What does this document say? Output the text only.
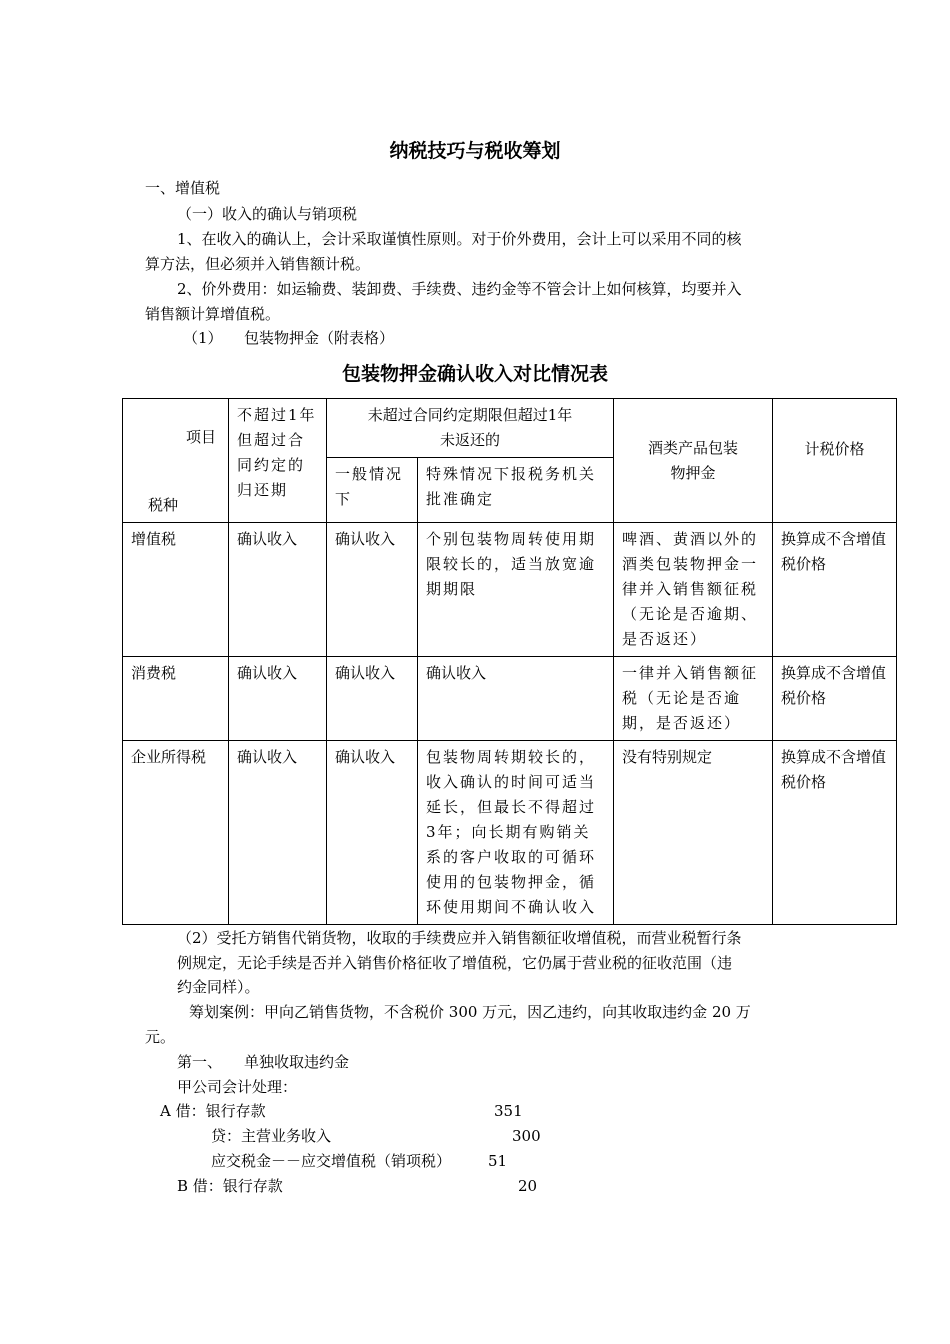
纳税技巧与税收筹划
一、增值税
（一）收入的确认与销项税
1、在收入的确认上，会计采取谨慎性原则。对于价外费用，会计上可以采用不同的核
算方法，但必须并入销售额计税。
2、价外费用：如运输费、装卸费、手续费、违约金等不管会计上如何核算，均要并入
销售额计算增值税。
（1） 包装物押金（附表格）
包装物押金确认收入对比情况表
项目
税种	不超过1年但超过合同约定的归还期	未超过合同约定期限但超过1年未返还的		酒类产品包装物押金	计税价格
		一般情况下	特殊情况下报税务机关批准确定		
增值税	确认收入	确认收入	个别包装物周转使用期限较长的，适当放宽逾期期限	啤酒、黄酒以外的酒类包装物押金一律并入销售额征税（无论是否逾期、是否返还）	换算成不含增值税价格
消费税	确认收入	确认收入	确认收入	一律并入销售额征税（无论是否逾期，是否返还）	换算成不含增值税价格
企业所得税	确认收入	确认收入	包装物周转期较长的，收入确认的时间可适当延长，但最长不得超过3年；向长期有购销关系的客户收取的可循环使用的包装物押金，循环使用期间不确认收入	没有特别规定	换算成不含增值税价格
（2）受托方销售代销货物，收取的手续费应并入销售额征收增值税，而营业税暂行条
例规定，无论手续是否并入销售价格征收了增值税，它仍属于营业税的征收范围（违
约金同样）。
筹划案例：甲向乙销售货物，不含税价 300 万元，因乙违约，向其收取违约金 20 万
元。
第一、 单独收取违约金
甲公司会计处理：
A 借：银行存款	351
贷：主营业务收入	300
应交税金－－应交增值税（销项税） 51
B 借：银行存款	20
